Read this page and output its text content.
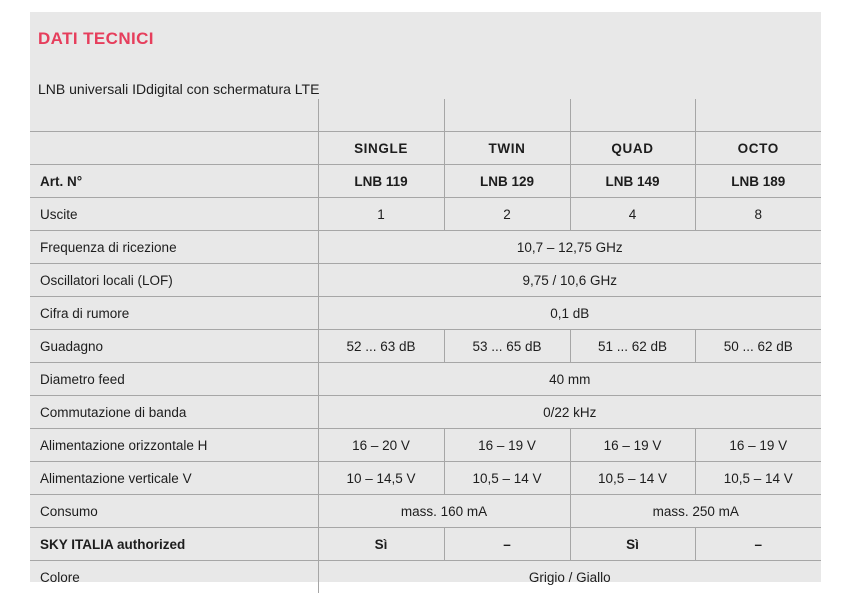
DATI TECNICI
LNB universali IDdigital con schermatura LTE

	SINGLE	TWIN	QUAD	OCTO
Art. N°	LNB 119	LNB 129	LNB 149	LNB 189
Uscite	1	2	4	8
Frequenza di ricezione	10,7 – 12,75 GHz			
Oscillatori locali (LOF)	9,75 / 10,6 GHz			
Cifra di rumore	0,1 dB			
Guadagno	52 ... 63 dB	53 ... 65 dB	51 ... 62 dB	50 ... 62 dB
Diametro feed	40 mm			
Commutazione di banda	0/22 kHz			
Alimentazione orizzontale H	16 – 20 V	16 – 19 V	16 – 19 V	16 – 19 V
Alimentazione verticale V	10 – 14,5 V	10,5 – 14 V	10,5 – 14 V	10,5 – 14 V
Consumo	mass. 160 mA		mass. 250 mA	
SKY ITALIA authorized	Sì	–	Sì	–
Colore	Grigio / Giallo			
